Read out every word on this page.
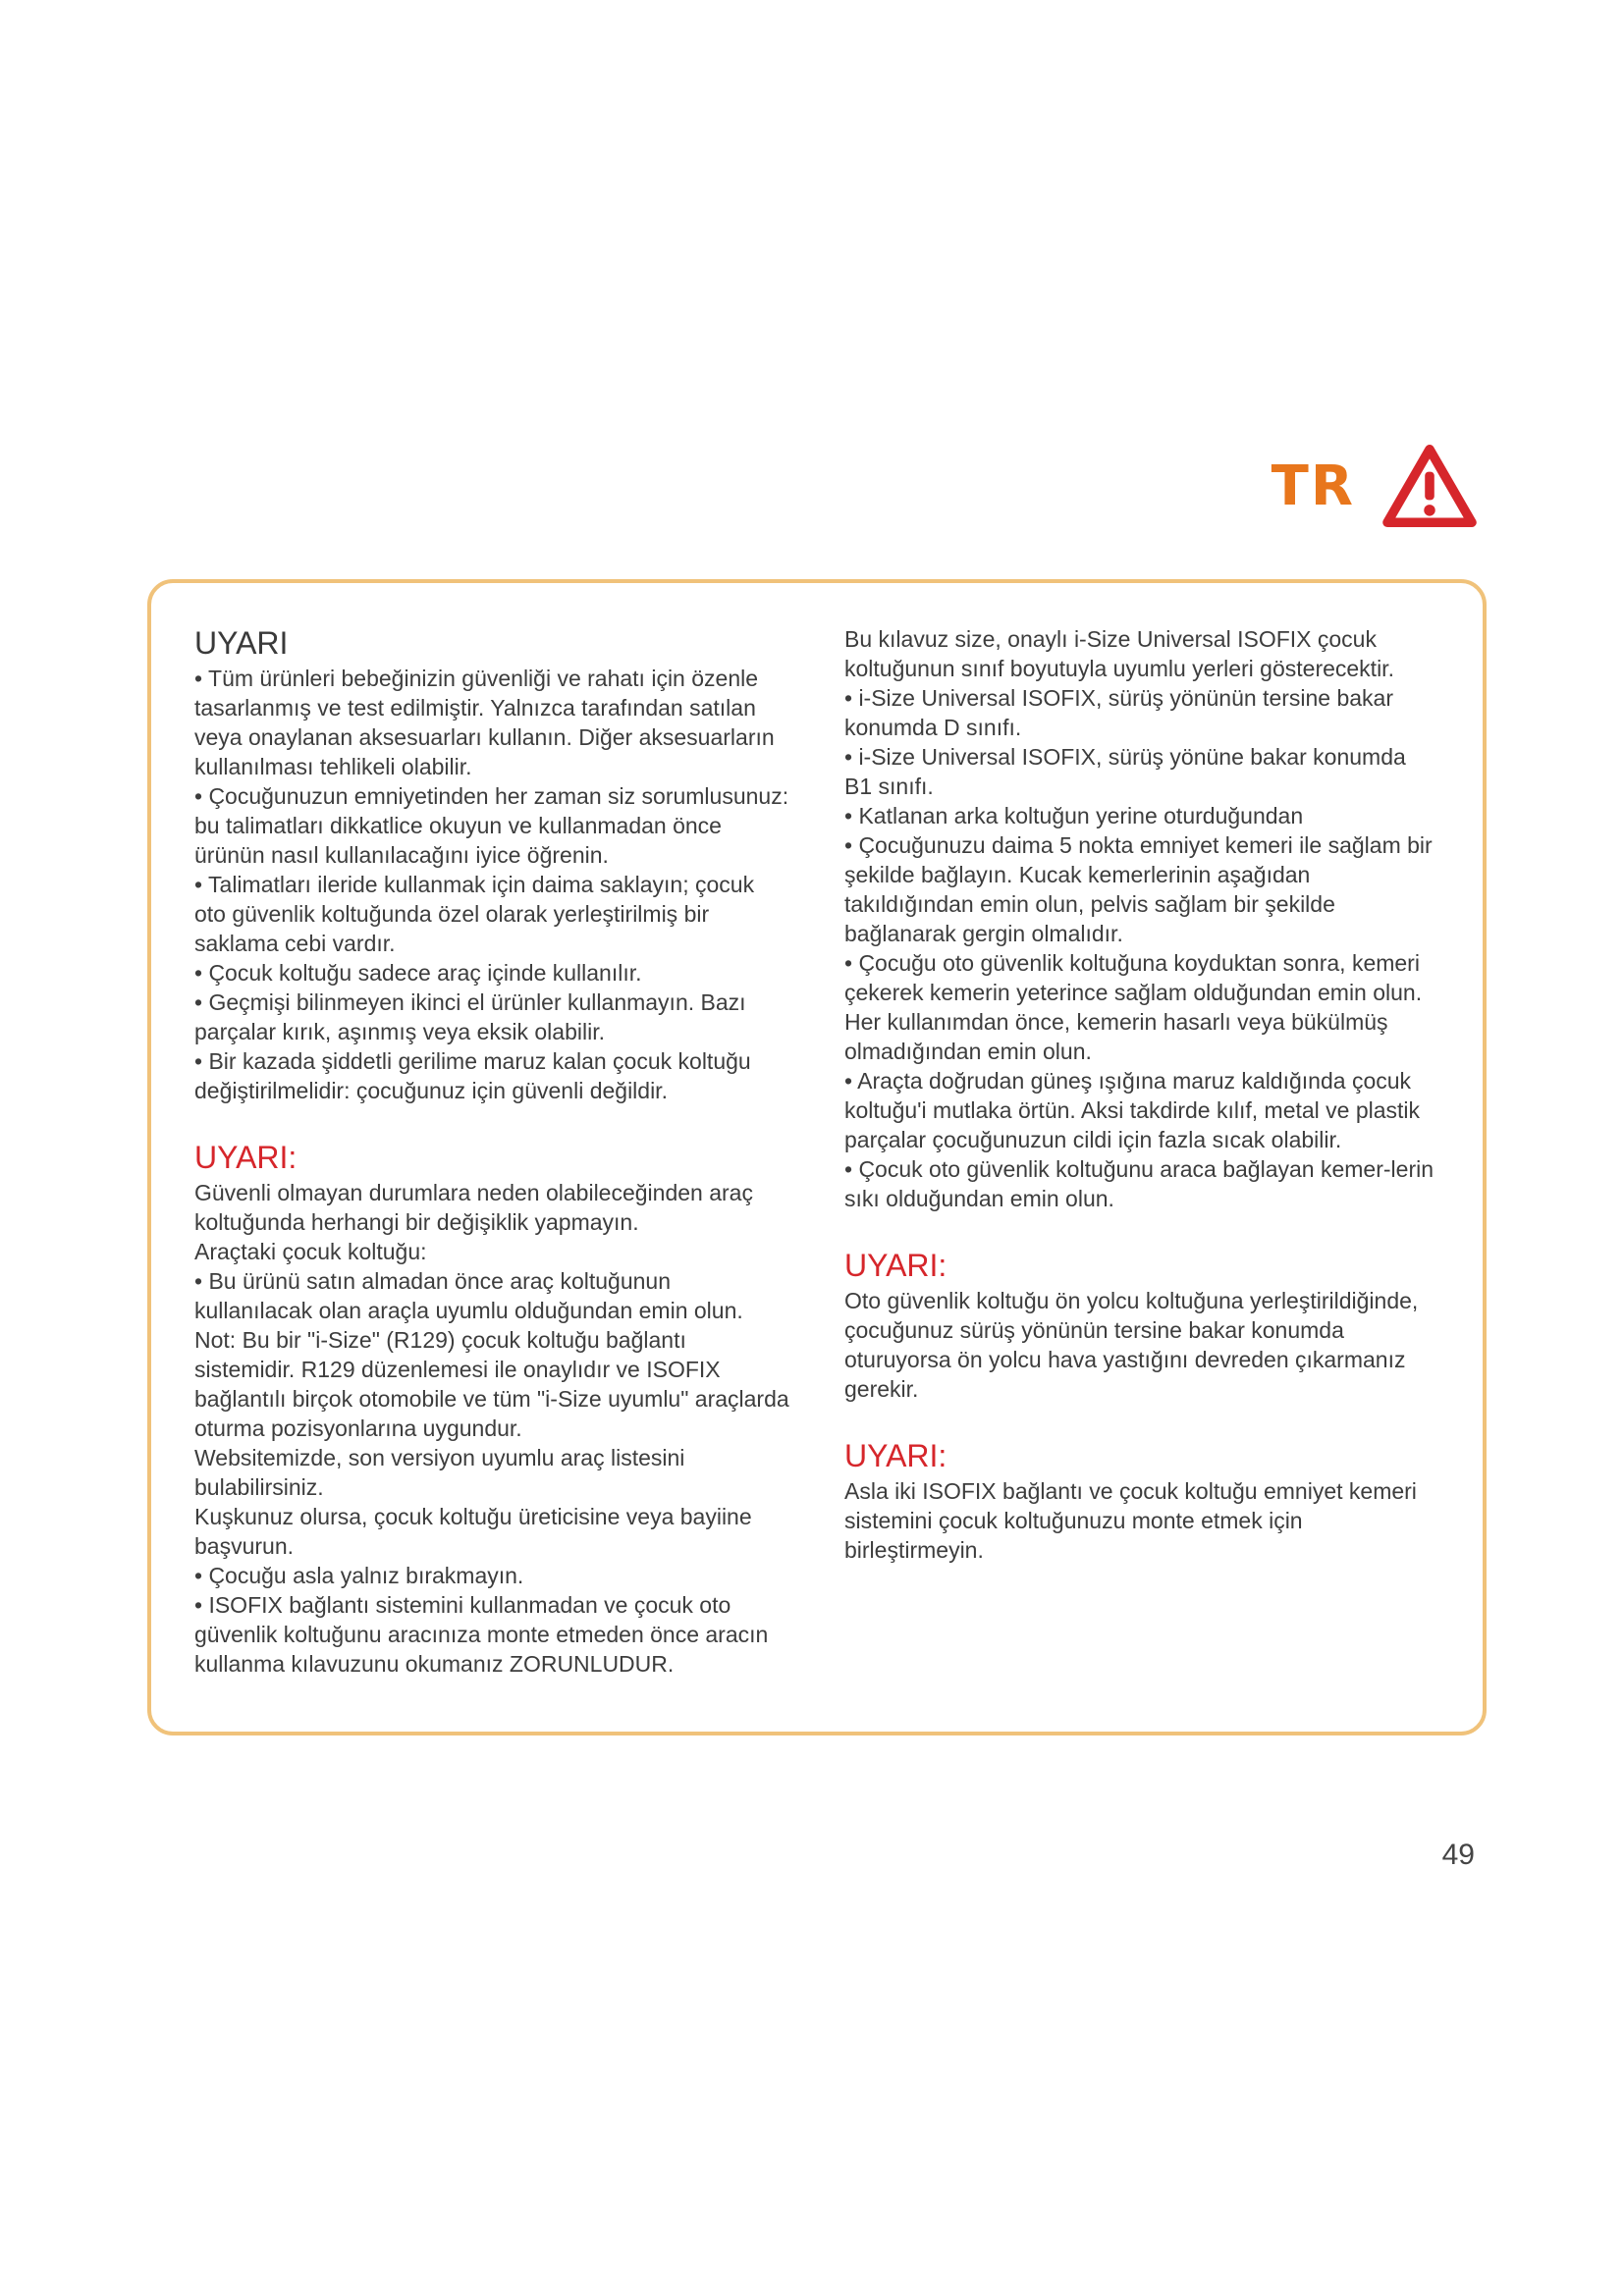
TR
UYARI

• Tüm ürünleri bebeğinizin güvenliği ve rahatı için özenle tasarlanmış ve test edilmiştir. Yalnızca tarafından satılan veya onaylanan aksesuarları kullanın. Diğer aksesuarların kullanılması tehlikeli olabilir.

• Çocuğunuzun emniyetinden her zaman siz sorumlusunuz: bu talimatları dikkatlice okuyun ve kullanmadan önce ürünün nasıl kullanılacağını iyice öğrenin.

• Talimatları ileride kullanmak için daima saklayın; çocuk oto güvenlik koltuğunda özel olarak yerleştirilmiş bir saklama cebi vardır.

• Çocuk koltuğu sadece araç içinde kullanılır.

• Geçmişi bilinmeyen ikinci el ürünler kullanmayın. Bazı parçalar kırık, aşınmış veya eksik olabilir.

• Bir kazada şiddetli gerilime maruz kalan çocuk koltuğu değiştirilmelidir: çocuğunuz için güvenli değildir.

UYARI:

Güvenli olmayan durumlara neden olabileceğinden araç koltuğunda herhangi bir değişiklik yapmayın.

Araçtaki çocuk koltuğu:

• Bu ürünü satın almadan önce araç koltuğunun kullanılacak olan araçla uyumlu olduğundan emin olun. Not: Bu bir "i-Size" (R129) çocuk koltuğu bağlantı sistemidir. R129 düzenlemesi ile onaylıdır ve ISOFIX bağlantılı birçok otomobile ve tüm "i-Size uyumlu" araçlarda oturma pozisyonlarına uygundur.

Websitemizde, son versiyon uyumlu araç listesini bulabilirsiniz.

Kuşkunuz olursa, çocuk koltuğu üreticisine veya bayiine başvurun.

• Çocuğu asla yalnız bırakmayın.

• ISOFIX bağlantı sistemini kullanmadan ve çocuk oto güvenlik koltuğunu aracınıza monte etmeden önce aracın kullanma kılavuzunu okumanız ZORUNLUDUR.

Bu kılavuz size, onaylı i-Size Universal ISOFIX çocuk koltuğunun sınıf boyutuyla uyumlu yerleri gösterecektir.

• i-Size Universal ISOFIX, sürüş yönünün tersine bakar konumda D sınıfı.

• i-Size Universal ISOFIX, sürüş yönüne bakar konumda B1 sınıfı.

• Katlanan arka koltuğun yerine oturduğundan

• Çocuğunuzu daima 5 nokta emniyet kemeri ile sağlam bir şekilde bağlayın. Kucak kemerlerinin aşağıdan takıldığından emin olun, pelvis sağlam bir şekilde bağlanarak gergin olmalıdır.

• Çocuğu oto güvenlik koltuğuna koyduktan sonra, kemeri çekerek kemerin yeterince sağlam olduğundan emin olun. Her kullanımdan önce, kemerin hasarlı veya bükülmüş olmadığından emin olun.

• Araçta doğrudan güneş ışığına maruz kaldığında çocuk koltuğu'i mutlaka örtün. Aksi takdirde kılıf, metal ve plastik parçalar çocuğunuzun cildi için fazla sıcak olabilir.

• Çocuk oto güvenlik koltuğunu araca bağlayan kemer-lerin sıkı olduğundan emin olun.

UYARI:

Oto güvenlik koltuğu ön yolcu koltuğuna yerleştirildiğinde, çocuğunuz sürüş yönünün tersine bakar konumda oturuyorsa ön yolcu hava yastığını devreden çıkarmanız gerekir.

UYARI:

Asla iki ISOFIX bağlantı ve çocuk koltuğu emniyet kemeri sistemini çocuk koltuğunuzu monte etmek için birleştirmeyin.

49
